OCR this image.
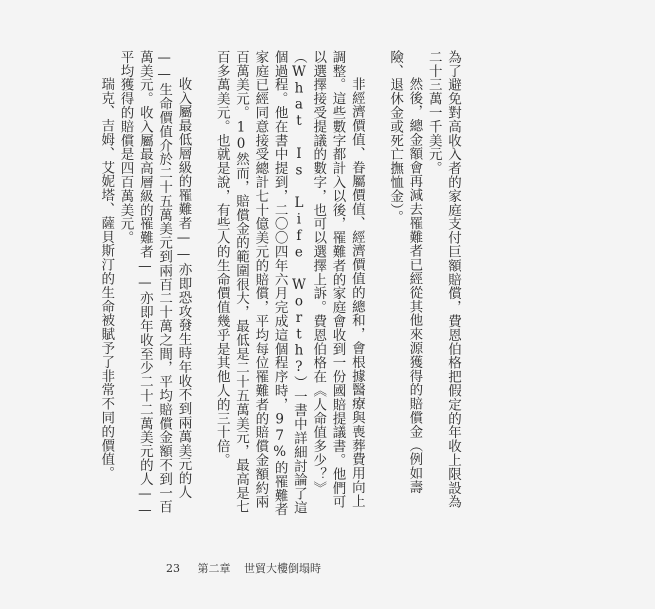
為了避免對高收入者的家庭支付巨額賠償，費恩伯格把假定的年收上限設為二十三萬一千美元。

然後，總金額會再減去罹難者已經從其他來源獲得的賠償金（例如壽險、退休金或死亡撫恤金）。

非經濟價值、眷屬價值、經濟價值的總和，會根據醫療與喪葬費用向上調整。這些數字都計入以後，罹難者的家庭會收到一份國賠提議書。他們可以選擇接受提議的數字，也可以選擇上訴。費恩伯格在《人命值多少？》（What Is Life Worth?）一書中詳細討論了這個過程。他在書中提到，二〇〇四年六月完成這個程序時，97%的罹難者家庭已經同意接受總計七十億美元的賠償，平均每位罹難者的賠償金額約兩百萬美元。10然而，賠償金的範圍很大，最低是二十五萬美元，最高是七百多萬美元。也就是說，有些人的生命價值幾乎是其他人的三十倍。

收入屬最低層級的罹難者——亦即恐攻發生時年收不到兩萬美元的人——生命價值介於二十五萬美元到兩百二十萬之間，平均賠償金額不到一百萬美元。收入屬最高層級的罹難者——亦即年收至少二十二萬美元的人——平均獲得的賠償是四百萬美元。

瑞克、吉姆、艾妮塔、薩貝斯汀的生命被賦予了非常不同的價值。

23 第二章 世貿大樓倒塌時
